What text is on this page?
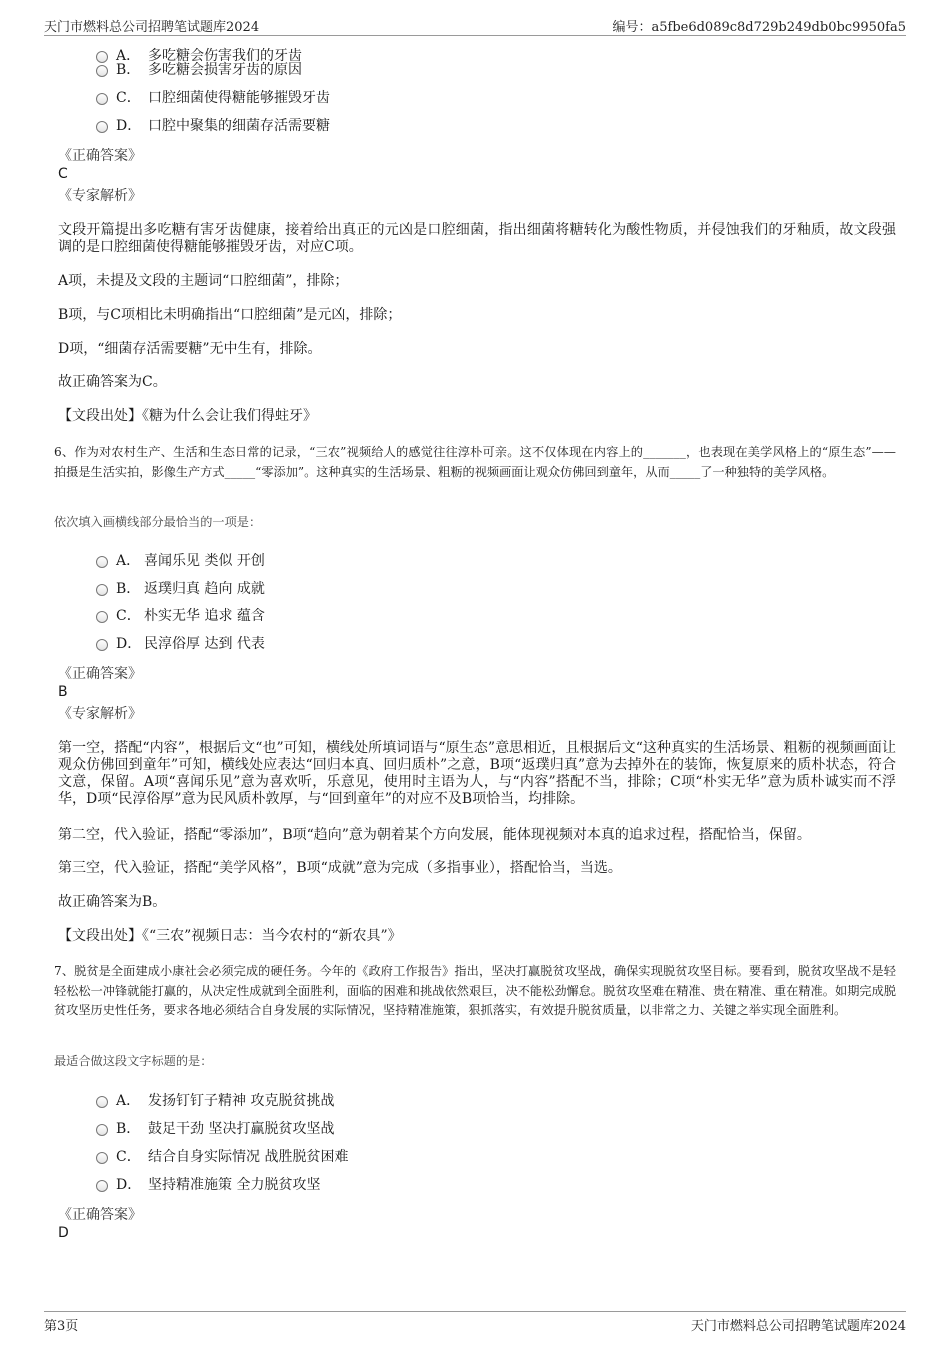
天门市燃料总公司招聘笔试题库2024	编号：a5fbe6d089c8d729b249db0bc9950fa5
A． 多吃糖会伤害我们的牙齿
B． 多吃糖会损害牙齿的原因
C． 口腔细菌使得糖能够摧毁牙齿
D． 口腔中聚集的细菌存活需要糖
《正确答案》
C
《专家解析》
文段开篇提出多吃糖有害牙齿健康，接着给出真正的元凶是口腔细菌，指出细菌将糖转化为酸性物质，并侵蚀我们的牙釉质，故文段强调的是口腔细菌使得糖能够摧毁牙齿，对应C项。
A项，未提及文段的主题词“口腔细菌”，排除；
B项，与C项相比未明确指出“口腔细菌”是元凶，排除；
D项，“细菌存活需要糖”无中生有，排除。
故正确答案为C。
【文段出处】《糖为什么会让我们得蛀牙》
6、作为对农村生产、生活和生态日常的记录，“三农”视频给人的感觉往往淳朴可亲。这不仅体现在内容上的_______，也表现在美学风格上的“原生态”——拍摄是生活实拍，影像生产方式_____“零添加”。这种真实的生活场景、粗粝的视频画面让观众仿佛回到童年，从而_____了一种独特的美学风格。
依次填入画横线部分最恰当的一项是：
A． 喜闻乐见 类似 开创
B． 返璞归真 趋向 成就
C． 朴实无华 追求 蕴含
D． 民淳俗厚 达到 代表
《正确答案》
B
《专家解析》
第一空，搭配“内容”，根据后文“也”可知，横线处所填词语与“原生态”意思相近，且根据后文“这种真实的生活场景、粗粝的视频画面让观众仿佛回到童年”可知，横线处应表达“回归本真、回归质朴”之意，B项“返璞归真”意为去掉外在的装饰，恢复原来的质朴状态，符合文意，保留。A项“喜闻乐见”意为喜欢听，乐意见，使用时主语为人，与“内容”搭配不当，排除；C项“朴实无华”意为质朴诚实而不浮华，D项“民淳俗厚”意为民风质朴敦厚，与“回到童年”的对应不及B项恰当，均排除。
第二空，代入验证，搭配“零添加”，B项“趋向”意为朝着某个方向发展，能体现视频对本真的追求过程，搭配恰当，保留。
第三空，代入验证，搭配“美学风格”，B项“成就”意为完成（多指事业），搭配恰当，当选。
故正确答案为B。
【文段出处】《“三农”视频日志：当今农村的“新农具”》
7、脱贫是全面建成小康社会必须完成的硬任务。今年的《政府工作报告》指出，坚决打赢脱贫攻坚战，确保实现脱贫攻坚目标。要看到，脱贫攻坚战不是轻轻松松一冲锋就能打赢的，从决定性成就到全面胜利，面临的困难和挑战依然艰巨，决不能松劲懈怠。脱贫攻坚难在精准、贵在精准、重在精准。如期完成脱贫攻坚历史性任务，要求各地必须结合自身发展的实际情况，坚持精准施策，狠抓落实，有效提升脱贫质量，以非常之力、关键之举实现全面胜利。
最适合做这段文字标题的是：
A． 发扬钉钉子精神 攻克脱贫挑战
B． 鼓足干劲 坚决打赢脱贫攻坚战
C． 结合自身实际情况 战胜脱贫困难
D． 坚持精准施策 全力脱贫攻坚
《正确答案》
D
第3页	天门市燃料总公司招聘笔试题库2024
